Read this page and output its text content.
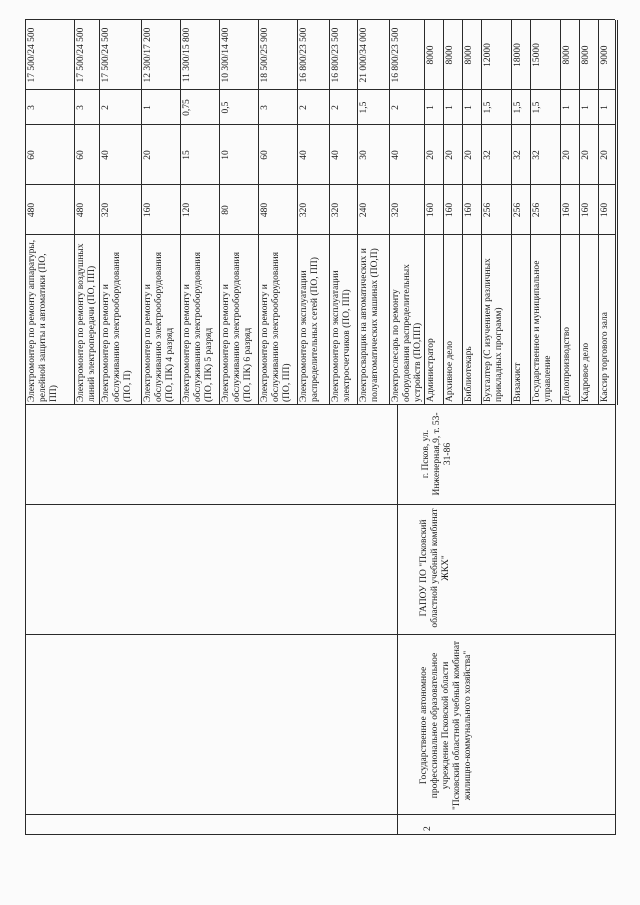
2
Государственное автономное профессиональное образовательное учреждение Псковской области "Псковский областной учебный комбинат жилищно-коммунального хозяйства"
ГАПОУ ПО "Псковский областной учебный комбинат ЖКХ"
г. Псков, ул. Инженерная,9, т. 53-31-86
Электромонтер по ремонту аппаратуры, релейной защиты и автоматики (ПО, ПП)
480
60
3
17 500/24 500
Электромонтер по ремонту воздушных линий электропередачи (ПО, ПП)
480
60
3
17 500/24 500
Электромонтер по ремонту и обслуживанию электрооборудования (ПО, П)
320
40
2
17 500/24 500
Электромонтер по ремонту и обслуживанию электрооборудования (ПО, ПК) 4 разряд
160
20
1
12 300/17 200
Электромонтер по ремонту и обслуживанию электрооборудования (ПО, ПК) 5 разряд
120
15
0,75
11 300/15 800
Электромонтер по ремонту и обслуживанию электрооборудования (ПО, ПК) 6 разряд
80
10
0,5
10 300/14 400
Электромонтер по ремонту и обслуживанию электрооборудования (ПО, ПП)
480
60
3
18 500/25 900
Электромонтер по эксплуатации распределительных сетей (ПО, ПП)
320
40
2
16 800/23 500
Электромонтер по эксплуатации электросчетчиков (ПО, ПП)
320
40
2
16 800/23 500
Электросварщик на автоматических и полуавтоматических машинах (ПО,П)
240
30
1,5
21 000/34 000
Электрослесарь по ремонту оборудования распределительных устройств (ПО,ПП)
320
40
2
16 800/23 500
Администратор
160
20
1
8000
Архивное дело
160
20
1
8000
Библиотекарь
160
20
1
8000
Бухгалтер (С изучением различных прикладных программ)
256
32
1,5
12000
Визажист
256
32
1,5
18000
Государственное и муниципальное управление
256
32
1,5
15000
Делопроизводство
160
20
1
8000
Кадровое дело
160
20
1
8000
Кассир торгового зала
160
20
1
9000
